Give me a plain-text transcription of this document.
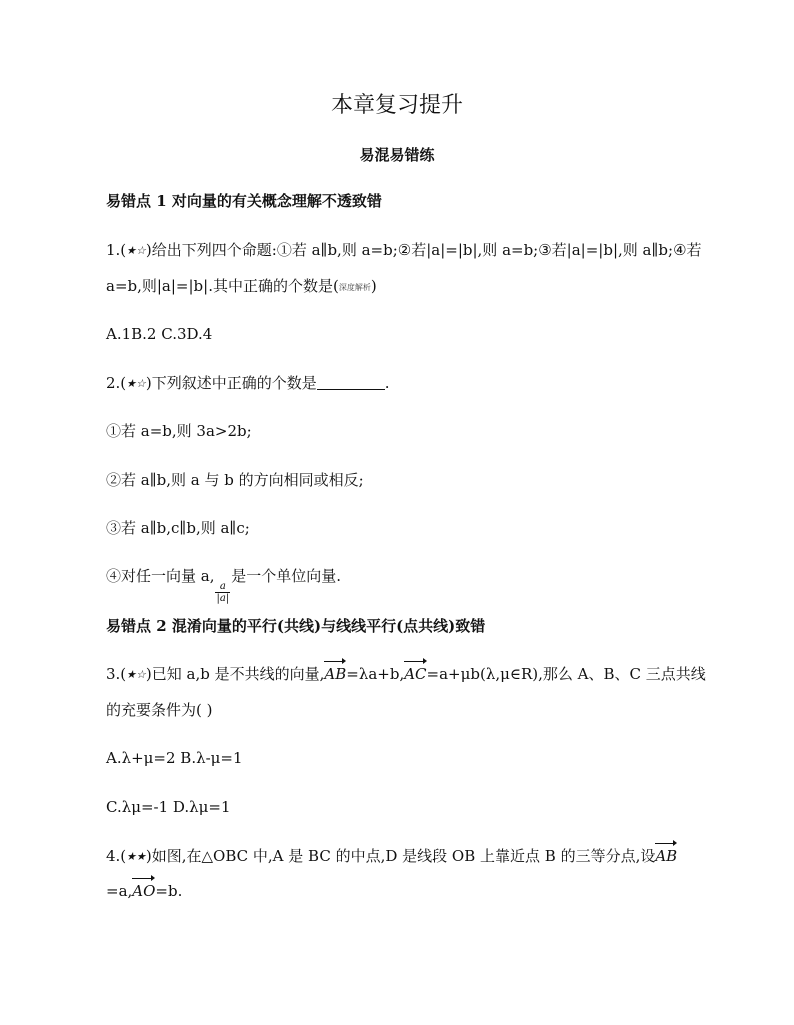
本章复习提升
易混易错练
易错点 1 对向量的有关概念理解不透致错
1.(★☆)给出下列四个命题:①若 a∥b,则 a=b;②若|a|=|b|,则 a=b;③若|a|=|b|,则 a∥b;④若
a=b,则|a|=|b|.其中正确的个数是(深度解析)
A.1B.2 C.3D.4
2.(★☆)下列叙述中正确的个数是	.
①若 a=b,则 3a>2b;
②若 a∥b,则 a 与 b 的方向相同或相反;
③若 a∥b,c∥b,则 a∥c;
④对任一向量 a,
$\frac{a}{|a|}$
是一个单位向量.
易错点 2 混淆向量的平行(共线)与线线平行(点共线)致错
3.(★☆)已知 a,b 是不共线的向量,AB=λa+b,AC=a+μb(λ,μ∈R),那么 A、B、C 三点共线
的充要条件为( )
A.λ+μ=2 B.λ-μ=1
C.λμ=-1 D.λμ=1
4.(★★)如图,在△OBC 中,A 是 BC 的中点,D 是线段 OB 上靠近点 B 的三等分点,设AB
=a,AO=b.
